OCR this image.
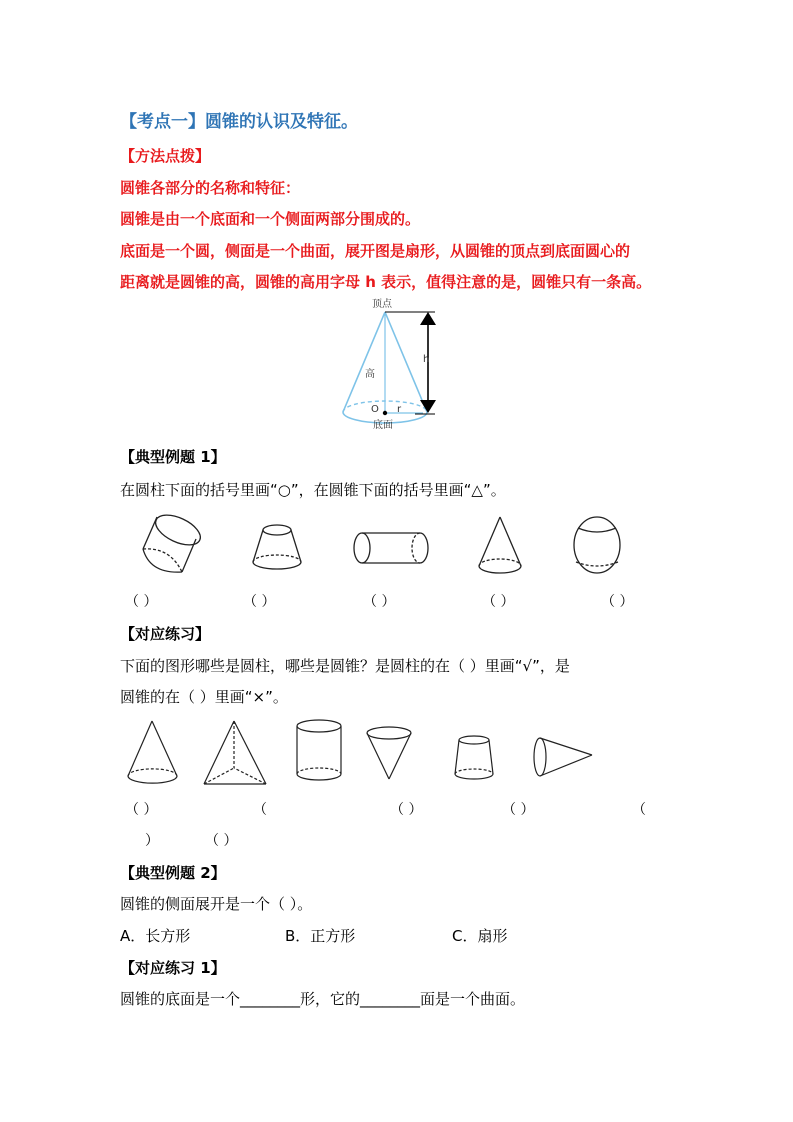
【考点一】圆锥的认识及特征。
【方法点拨】
圆锥各部分的名称和特征：
圆锥是由一个底面和一个侧面两部分围成的。
底面是一个圆，侧面是一个曲面，展开图是扇形，从圆锥的顶点到底面圆心的
距离就是圆锥的高，圆锥的高用字母 h 表示，值得注意的是，圆锥只有一条高。
顶点
高
h
O r
底面
【典型例题 1】
在圆柱下面的括号里画“○”，在圆锥下面的括号里画“△”。
（ ）	（ ）	（ ）	（ ）	（ ）
【对应练习】
下面的图形哪些是圆柱，哪些是圆锥？是圆柱的在（ ）里画“√”，是
圆锥的在（ ）里画“×”。
（ ）	（	（ ）	（ ）	（
）	（ ）
【典型例题 2】
圆锥的侧面展开是一个（ ）。
A．长方形	B．正方形	C．扇形
【对应练习 1】
圆锥的底面是一个________形，它的________面是一个曲面。
